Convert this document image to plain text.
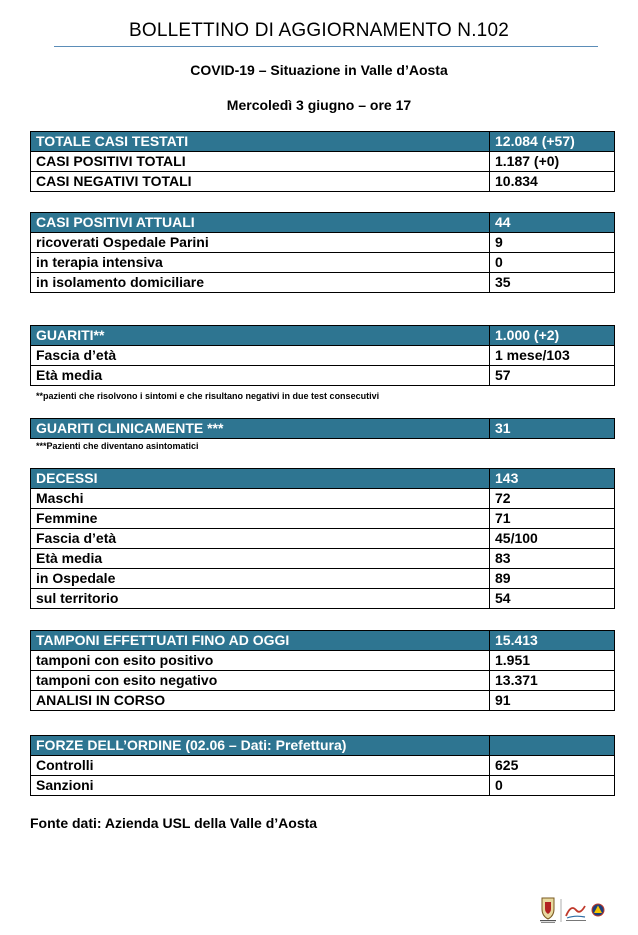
BOLLETTINO DI AGGIORNAMENTO N.102
COVID-19 – Situazione in Valle d’Aosta
Mercoledì 3 giugno – ore 17
TOTALE CASI TESTATI	12.084 (+57)
CASI POSITIVI TOTALI	1.187 (+0)
CASI NEGATIVI TOTALI	10.834
CASI POSITIVI ATTUALI	44
ricoverati Ospedale Parini	9
in terapia intensiva	0
in isolamento domiciliare	35
GUARITI**	1.000 (+2)
Fascia d’età	1 mese/103
Età media	57
**pazienti che risolvono i sintomi e che risultano negativi in due test consecutivi
GUARITI CLINICAMENTE ***	31
***Pazienti che diventano asintomatici
DECESSI	143
Maschi	72
Femmine	71
Fascia d’età	45/100
Età media	83
in Ospedale	89
sul territorio	54
TAMPONI EFFETTUATI FINO AD OGGI	15.413
tamponi con esito positivo	1.951
tamponi con esito negativo	13.371
ANALISI IN CORSO	91
FORZE DELL’ORDINE (02.06 – Dati: Prefettura)	
Controlli	625
Sanzioni	0
Fonte dati: Azienda USL della Valle d’Aosta
